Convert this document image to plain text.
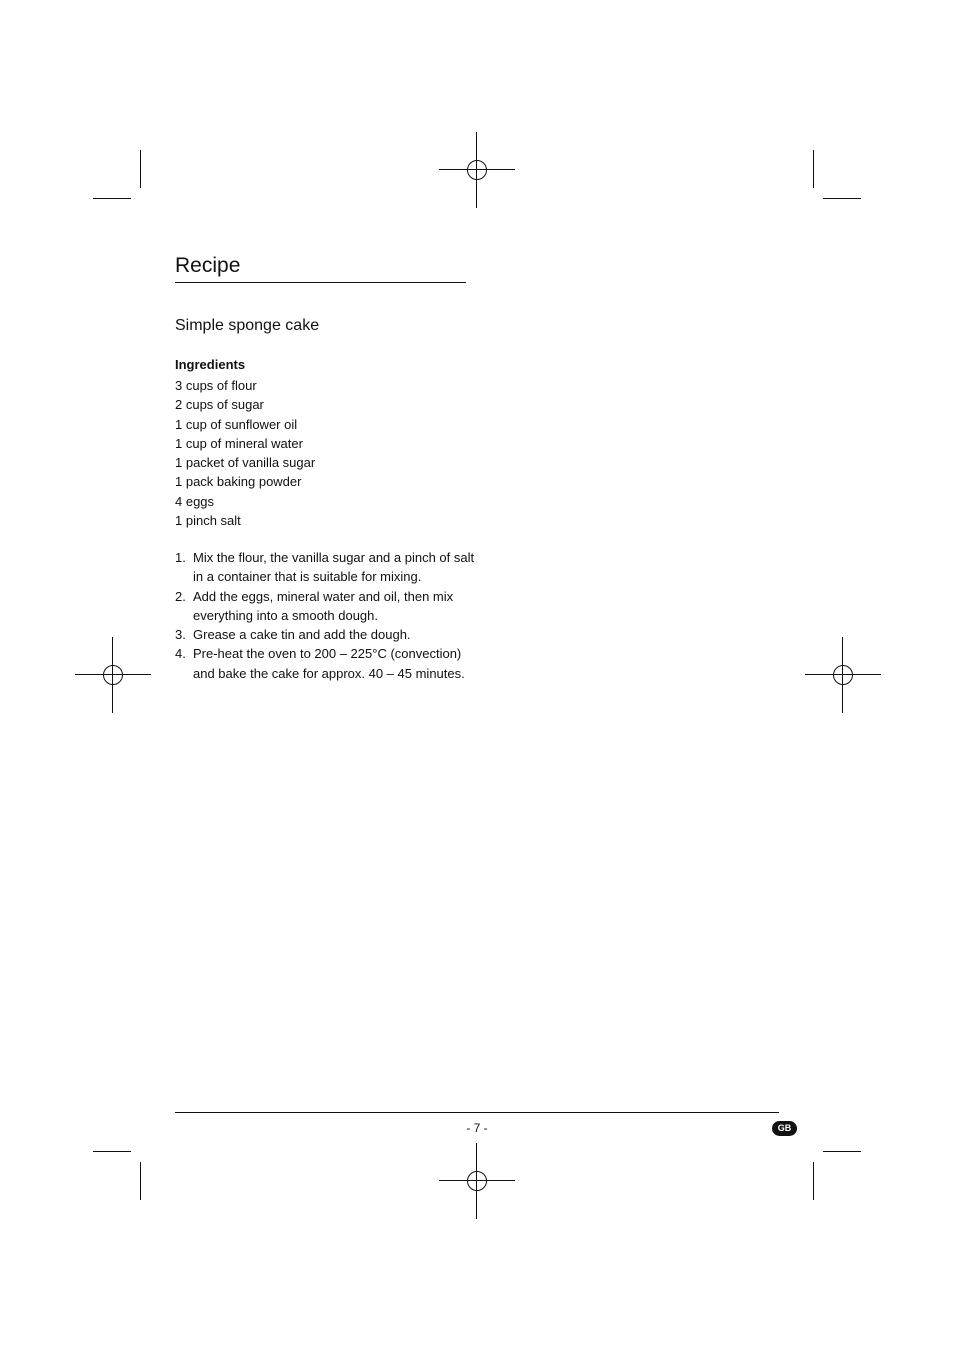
Recipe
Simple sponge cake
Ingredients
3 cups of flour
2 cups of sugar
1 cup of sunflower oil
1 cup of mineral water
1 packet of vanilla sugar
1 pack baking powder
4 eggs
1 pinch salt
1. Mix the flour, the vanilla sugar and a pinch of salt in a container that is suitable for mixing.
2. Add the eggs, mineral water and oil, then mix everything into a smooth dough.
3. Grease a cake tin and add the dough.
4. Pre-heat the oven to 200 – 225°C (convection) and bake the cake for approx. 40 – 45 minutes.
- 7 -	GB
